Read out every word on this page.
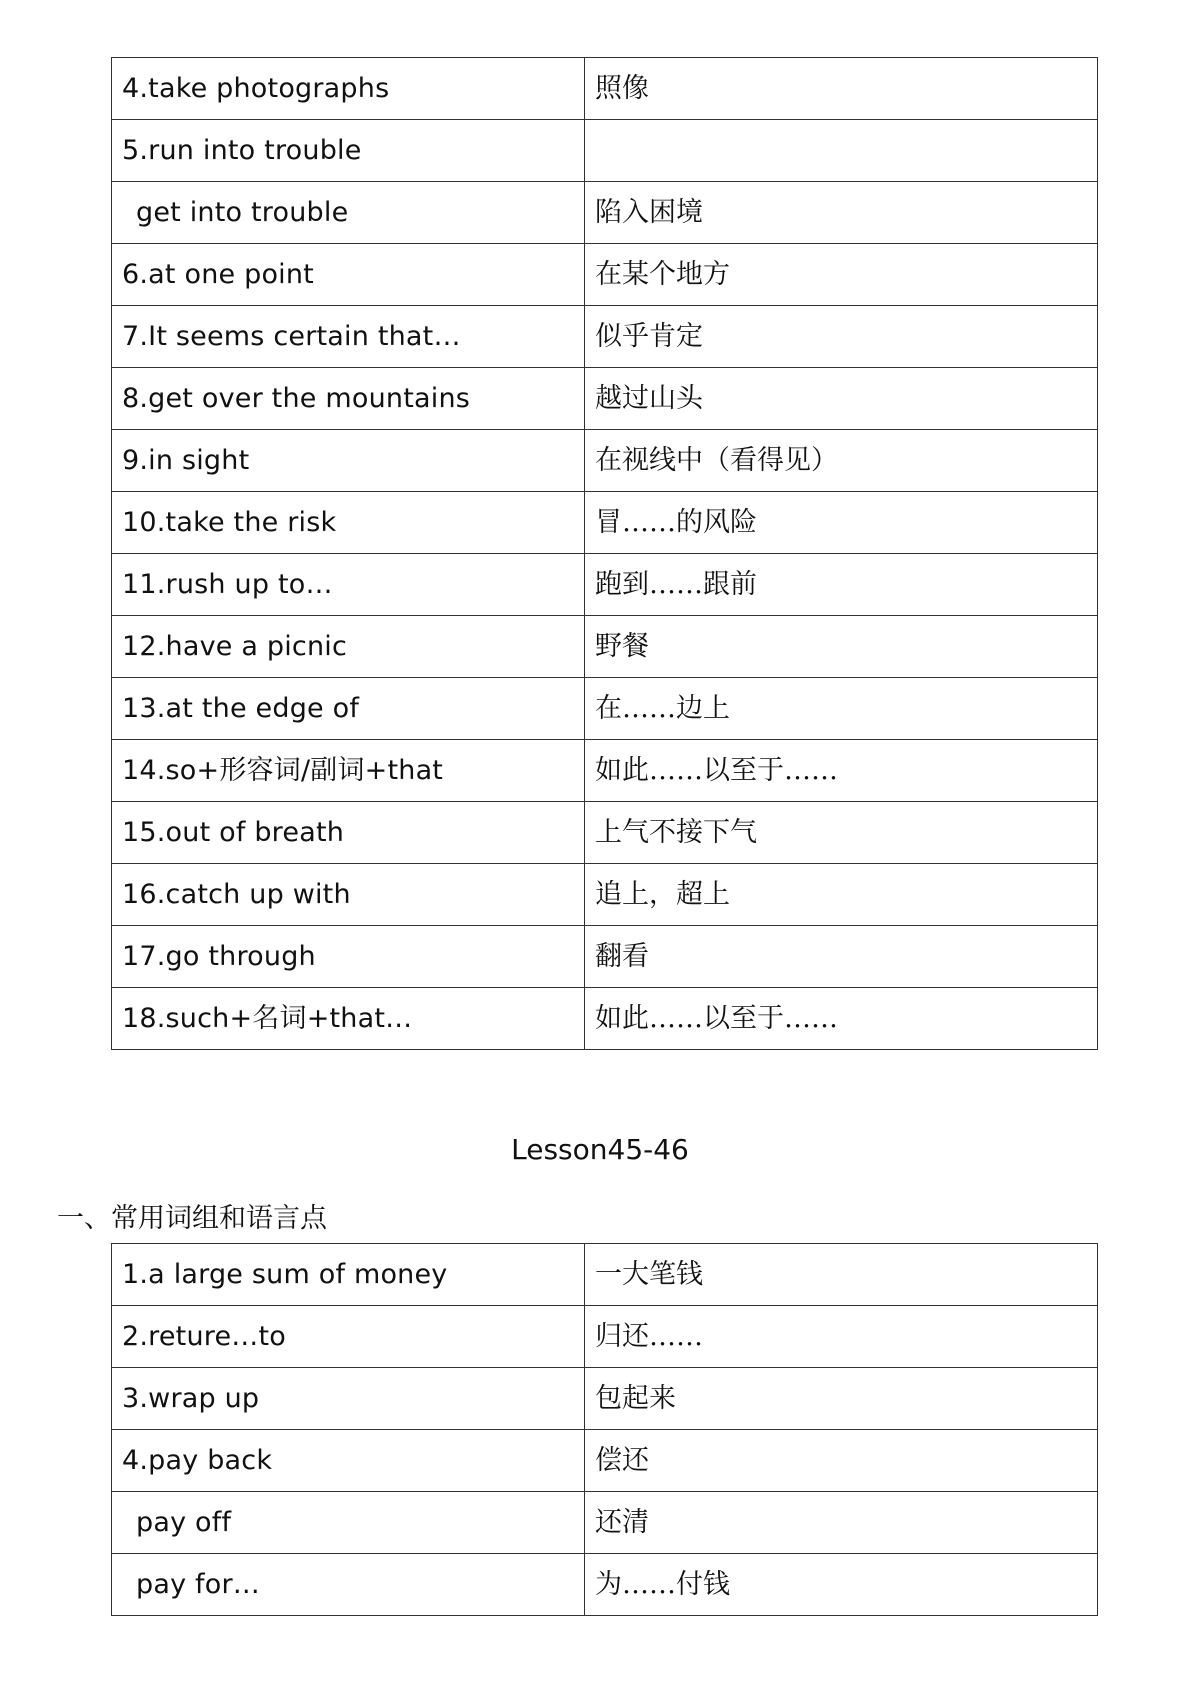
4.take photographs	照像
5.run into trouble	
get into trouble	陷入困境
6.at one point	在某个地方
7.It seems certain that…	似乎肯定
8.get over the mountains	越过山头
9.in sight	在视线中（看得见）
10.take the risk	冒……的风险
11.rush up to…	跑到……跟前
12.have a picnic	野餐
13.at the edge of	在……边上
14.so+形容词/副词+that	如此……以至于……
15.out of breath	上气不接下气
16.catch up with	追上，超上
17.go through	翻看
18.such+名词+that…	如此……以至于……
Lesson45-46
一、常用词组和语言点
1.a large sum of money	一大笔钱
2.reture…to	归还……
3.wrap up	包起来
4.pay back	偿还
pay off	还清
pay for…	为……付钱
